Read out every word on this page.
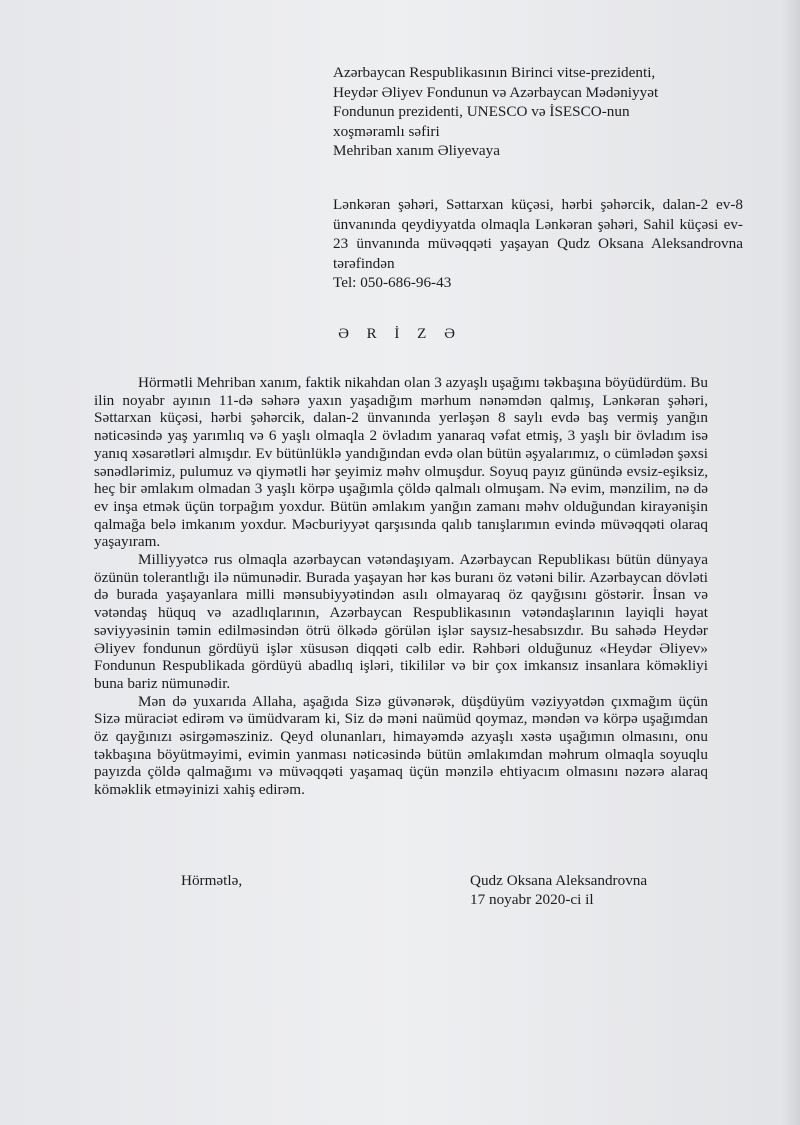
Azərbaycan Respublikasının Birinci vitse-prezidenti,
Heydər Əliyev Fondunun və Azərbaycan Mədəniyyət
Fondunun prezidenti, UNESCO və İSESCO-nun
xoşməramlı səfiri
Mehriban xanım Əliyevaya
Lənkəran şəhəri, Səttarxan küçəsi, hərbi şəhərcik, dalan-2 ev-8 ünvanında qeydiyyatda olmaqla Lənkəran şəhəri, Sahil küçəsi ev-23 ünvanında müvəqqəti yaşayan Qudz Oksana Aleksandrovna tərəfindən
Tel: 050-686-96-43
Ə R İ Z Ə

Hörmətli Mehriban xanım, faktik nikahdan olan 3 azyaşlı uşağımı təkbaşına böyüdürdüm. Bu ilin noyabr ayının 11-də səhərə yaxın yaşadığım mərhum nənəmdən qalmış, Lənkəran şəhəri, Səttarxan küçəsi, hərbi şəhərcik, dalan-2 ünvanında yerləşən 8 saylı evdə baş vermiş yanğın nəticəsində yaş yarımlıq və 6 yaşlı olmaqla 2 övladım yanaraq vəfat etmiş, 3 yaşlı bir övladım isə yanıq xəsarətləri almışdır. Ev bütünlüklə yandığından evdə olan bütün əşyalarımız, o cümlədən şəxsi sənədlərimiz, pulumuz və qiymətli hər şeyimiz məhv olmuşdur. Soyuq payız günündə evsiz-eşiksiz, heç bir əmlakım olmadan 3 yaşlı körpə uşağımla çöldə qalmalı olmuşam. Nə evim, mənzilim, nə də ev inşa etmək üçün torpağım yoxdur. Bütün əmlakım yanğın zamanı məhv olduğundan kirayənişin qalmağa belə imkanım yoxdur. Məcburiyyət qarşısında qalıb tanışlarımın evində müvəqqəti olaraq yaşayıram.

Milliyyətcə rus olmaqla azərbaycan vətəndaşıyam. Azərbaycan Republikası bütün dünyaya özünün tolerantlığı ilə nümunədir. Burada yaşayan hər kəs buranı öz vətəni bilir. Azərbaycan dövləti də burada yaşayanlara milli mənsubiyyətindən asılı olmayaraq öz qayğısını göstərir. İnsan və vətəndaş hüquq və azadlıqlarının, Azərbaycan Respublikasının vətəndaşlarının layiqli həyat səviyyəsinin təmin edilməsindən ötrü ölkədə görülən işlər saysız-hesabsızdır. Bu sahədə Heydər Əliyev fondunun gördüyü işlər xüsusən diqqəti cəlb edir. Rəhbəri olduğunuz «Heydər Əliyev» Fondunun Respublikada gördüyü abadlıq işləri, tikililər və bir çox imkansız insanlara köməkliyi buna bariz nümunədir.

Mən də yuxarıda Allaha, aşağıda Sizə güvənərək, düşdüyüm vəziyyətdən çıxmağım üçün Sizə müraciət edirəm və ümüdvaram ki, Siz də məni naümüd qoymaz, məndən və körpə uşağımdan öz qayğınızı əsirgəməsziniz. Qeyd olunanları, himayəmdə azyaşlı xəstə uşağımın olmasını, onu təkbaşına böyütməyimi, evimin yanması nəticəsində bütün əmlakımdan məhrum olmaqla soyuqlu payızda çöldə qalmağımı və müvəqqəti yaşamaq üçün mənzilə ehtiyacım olmasını nəzərə alaraq köməklik etməyinizi xahiş edirəm.

Hörmətlə,	Qudz Oksana Aleksandrovna
17 noyabr 2020-ci il
